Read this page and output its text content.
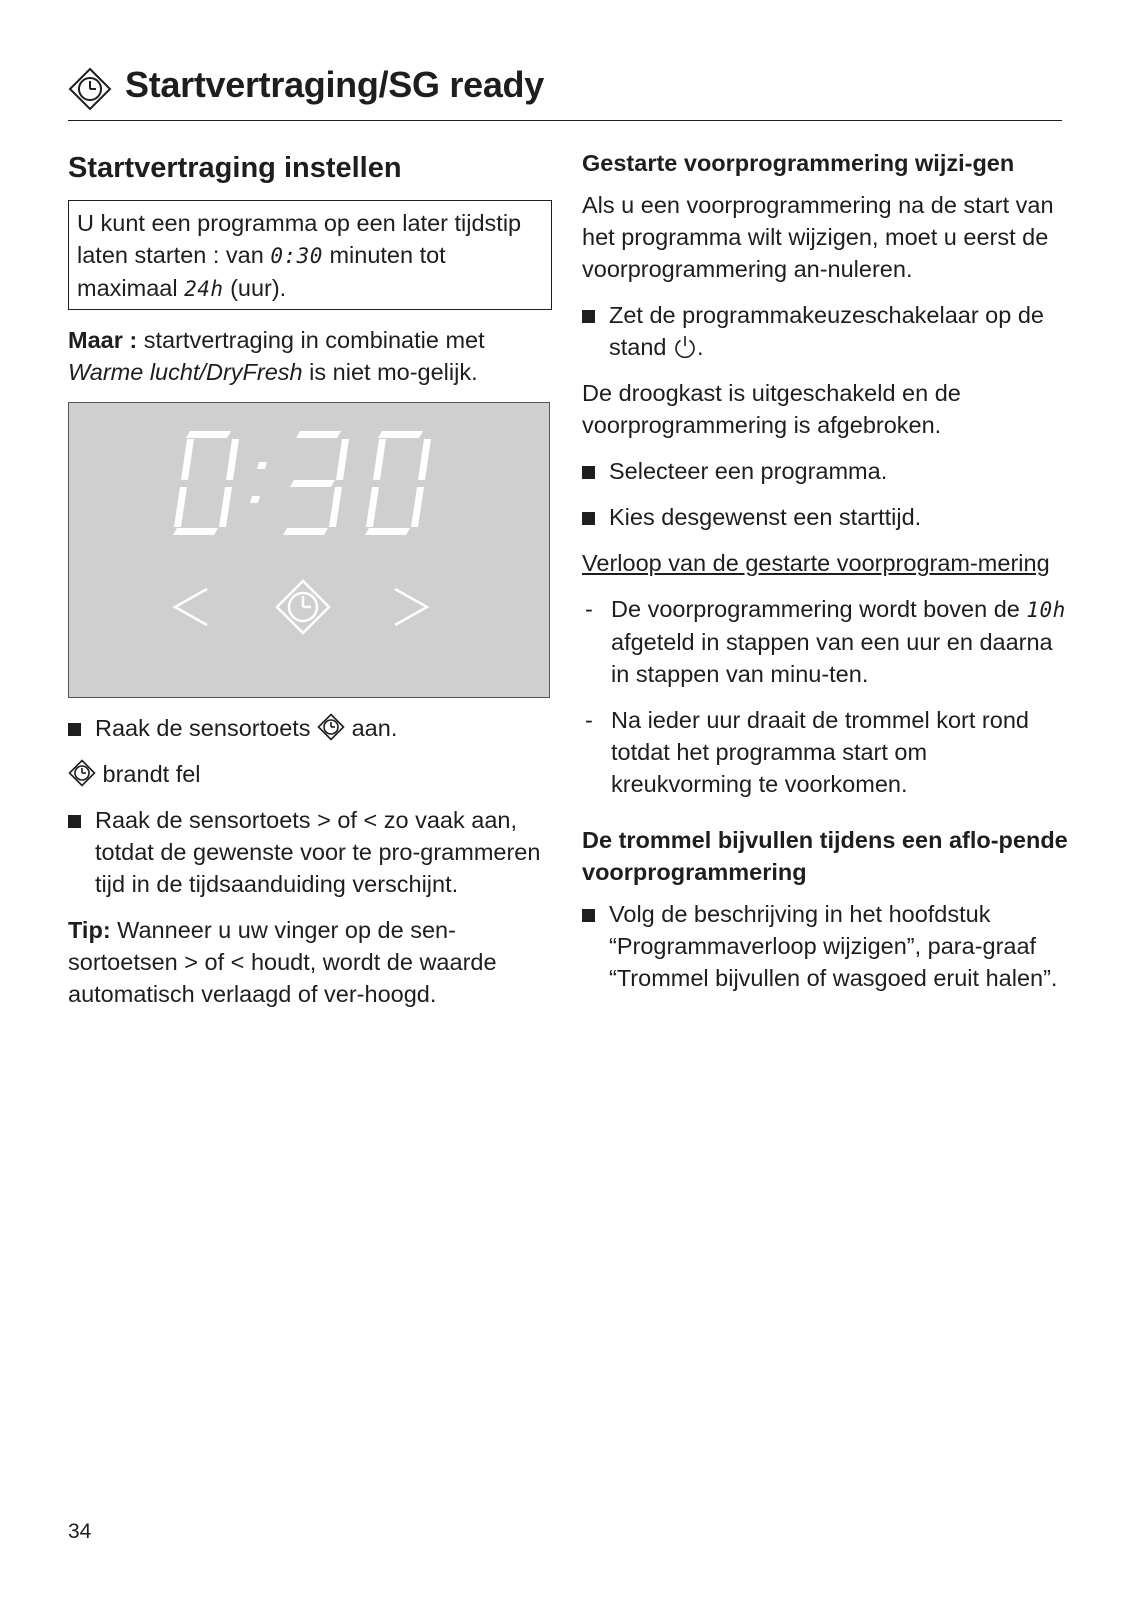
Startvertraging/SG ready
Startvertraging instellen
U kunt een programma op een later tijdstip laten starten : van 0:30 minuten tot maximaal 24h (uur).

Maar : startvertraging in combinatie met Warme lucht/DryFresh is niet mo-gelijk.

Raak de sensortoets aan.

brandt fel

Raak de sensortoets > of < zo vaak aan, totdat de gewenste voor te pro-grammeren tijd in de tijdsaanduiding verschijnt.

Tip: Wanneer u uw vinger op de sen-sortoetsen > of < houdt, wordt de waarde automatisch verlaagd of ver-hoogd.

Gestarte voorprogrammering wijzi-gen

Als u een voorprogrammering na de start van het programma wilt wijzigen, moet u eerst de voorprogrammering an-nuleren.

Zet de programmakeuzeschakelaar op de stand .

De droogkast is uitgeschakeld en de voorprogrammering is afgebroken.

Selecteer een programma.
Kies desgewenst een starttijd.

Verloop van de gestarte voorprogram-mering

- De voorprogrammering wordt boven de 10h afgeteld in stappen van een uur en daarna in stappen van minu-ten.
- Na ieder uur draait de trommel kort rond totdat het programma start om kreukvorming te voorkomen.
De trommel bijvullen tijdens een aflo-pende voorprogrammering
Volg de beschrijving in het hoofdstuk “Programmaverloop wijzigen”, para-graaf “Trommel bijvullen of wasgoed eruit halen”.
34
